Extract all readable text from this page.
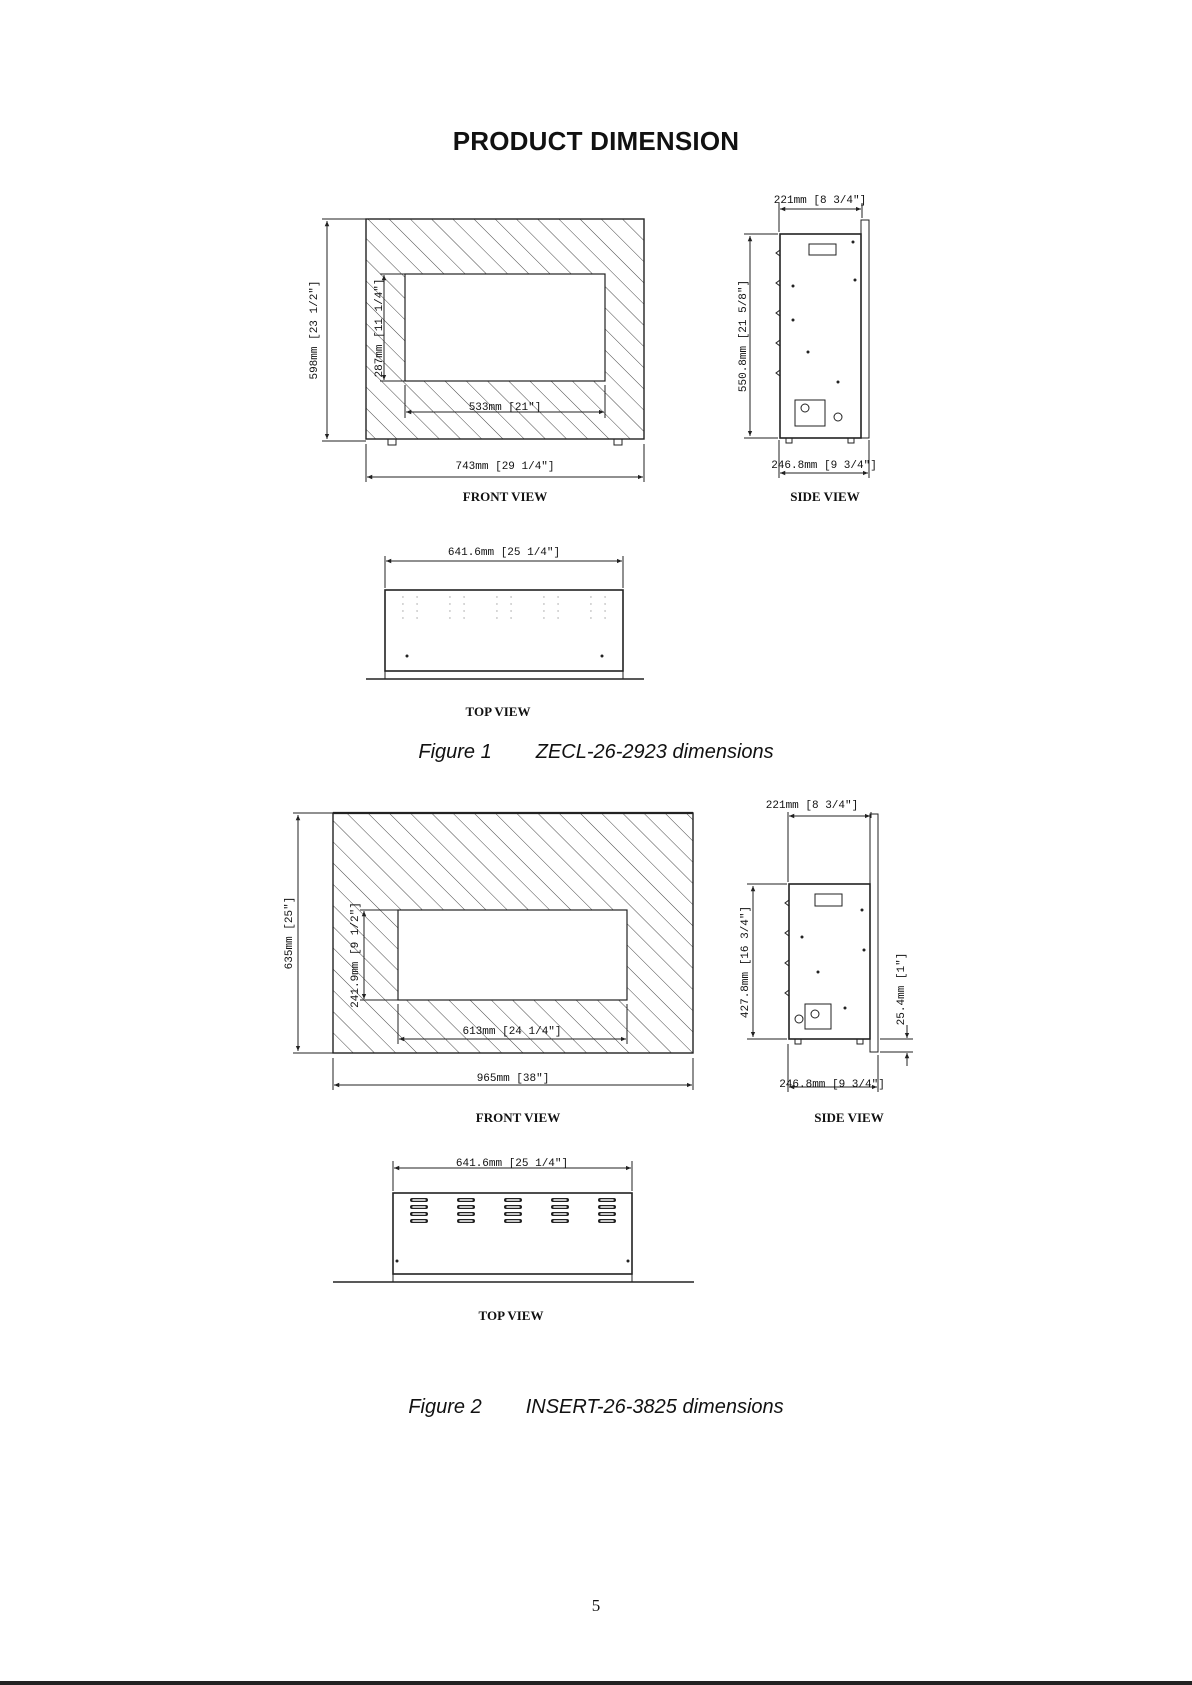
PRODUCT DIMENSION
598mm [23 1/2"]	287mm [11 1/4"]
533mm [21"]
743mm [29 1/4"]
FRONT VIEW
221mm [8 3/4"]
550.8mm [21 5/8"]
246.8mm [9 3/4"]
SIDE VIEW
641.6mm [25 1/4"]
TOP VIEW
635mm [25"]	241.9mm [9 1/2"]
613mm [24 1/4"]
965mm [38"]
FRONT VIEW
221mm [8 3/4"]
427.8mm [16 3/4"]	25.4mm [1"]
246.8mm [9 3/4"]
SIDE VIEW
641.6mm [25 1/4"]
TOP VIEW
Figure 1 ZECL-26-2923 dimensions
Figure 2 INSERT-26-3825 dimensions
5
